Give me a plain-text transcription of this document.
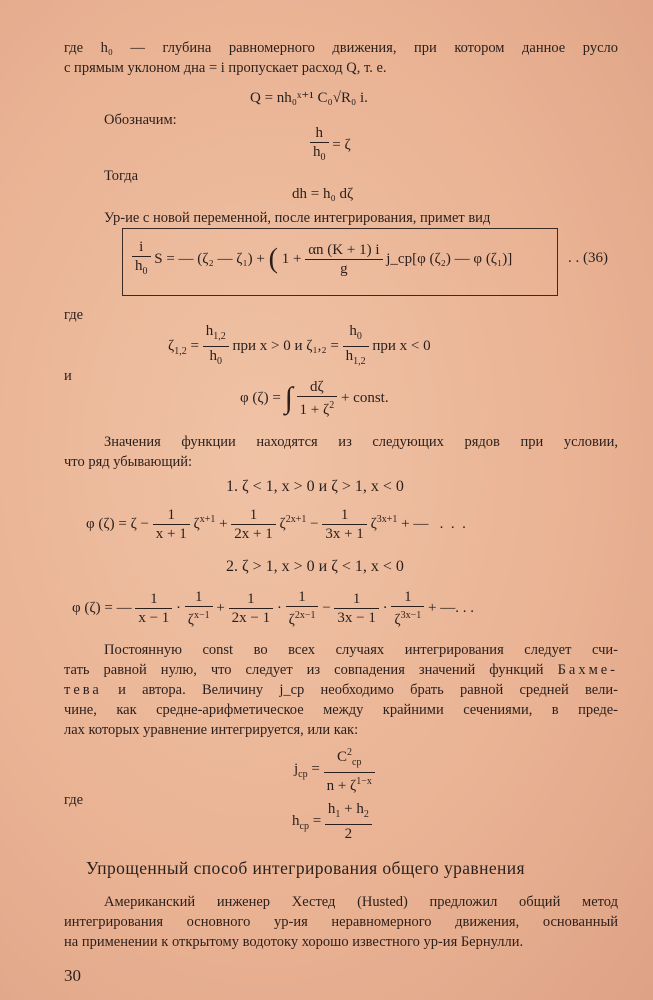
где h₀ — глубина равномерного движения, при котором данное русло
с прямым уклоном дна = i пропускает расход Q, т. е.
Q = nh₀ˣ⁺¹ C₀√R₀ i.
Обозначим:
$\frac{h}{h_0} = \zeta$
Тогда
dh = h₀ dζ
Ур-ие с новой переменной, после интегрирования, примет вид
$\frac{i}{h_0}$ S = — (ζ₂ — ζ₁) + ( $1 + \frac{\alpha n (K + 1) i}{g}$ j_cp[φ (ζ₂) — φ (ζ₁)]	. . (36)
где
$\zeta_{1,2} = \frac{h_{1,2}}{h_0}$ при x > 0 и $\zeta_1,_2 = \frac{h_0}{h_{1,2}}$ при x < 0
и
φ (ζ) = ∫ $\frac{d\zeta}{1 + \zeta^2}$ + const.
Значения функции находятся из следующих рядов при условии,
что ряд убывающий:
1. ζ < 1, x > 0 и ζ > 1, x < 0
φ $(\zeta) = \zeta - \frac{1}{x + 1} \zeta^{x+1} + \frac{1}{2x + 1} \zeta^{2x+1} - \frac{1}{3x + 1} \zeta^{3x+1}$ + —   .  .  .
2. ζ > 1, x > 0 и ζ < 1, x < 0
φ (ζ) = — $\frac{1}{x - 1} \cdot \frac{1}{\zeta^{x-1}} + \frac{1}{2x - 1} \cdot \frac{1}{\zeta^{2x-1}} - \frac{1}{3x - 1} \cdot \frac{1}{\zeta^{3x-1}}$ + —. . .
Постоянную const во всех случаях интегрирования следует счи-
тать равной нулю, что следует из совпадения значений функций Бахме-
тева и автора. Величину j_cp необходимо брать равной средней вели-
чине, как средне-арифметическое между крайними сечениями, в преде-
лах которых уравнение интегрируется, или как:
$j_{cp} = \frac{C^2_{cp}}{n + \zeta^{1-x}}$
где
$h_{cp} = \frac{h_1 + h_2}{2}$
Упрощенный способ интегрирования общего уравнения
Американский инженер Хестед (Husted) предложил общий метод
интегрирования основного ур-ия неравномерного движения, основанный
на применении к открытому водотоку хорошо известного ур-ия Бернулли.
30
